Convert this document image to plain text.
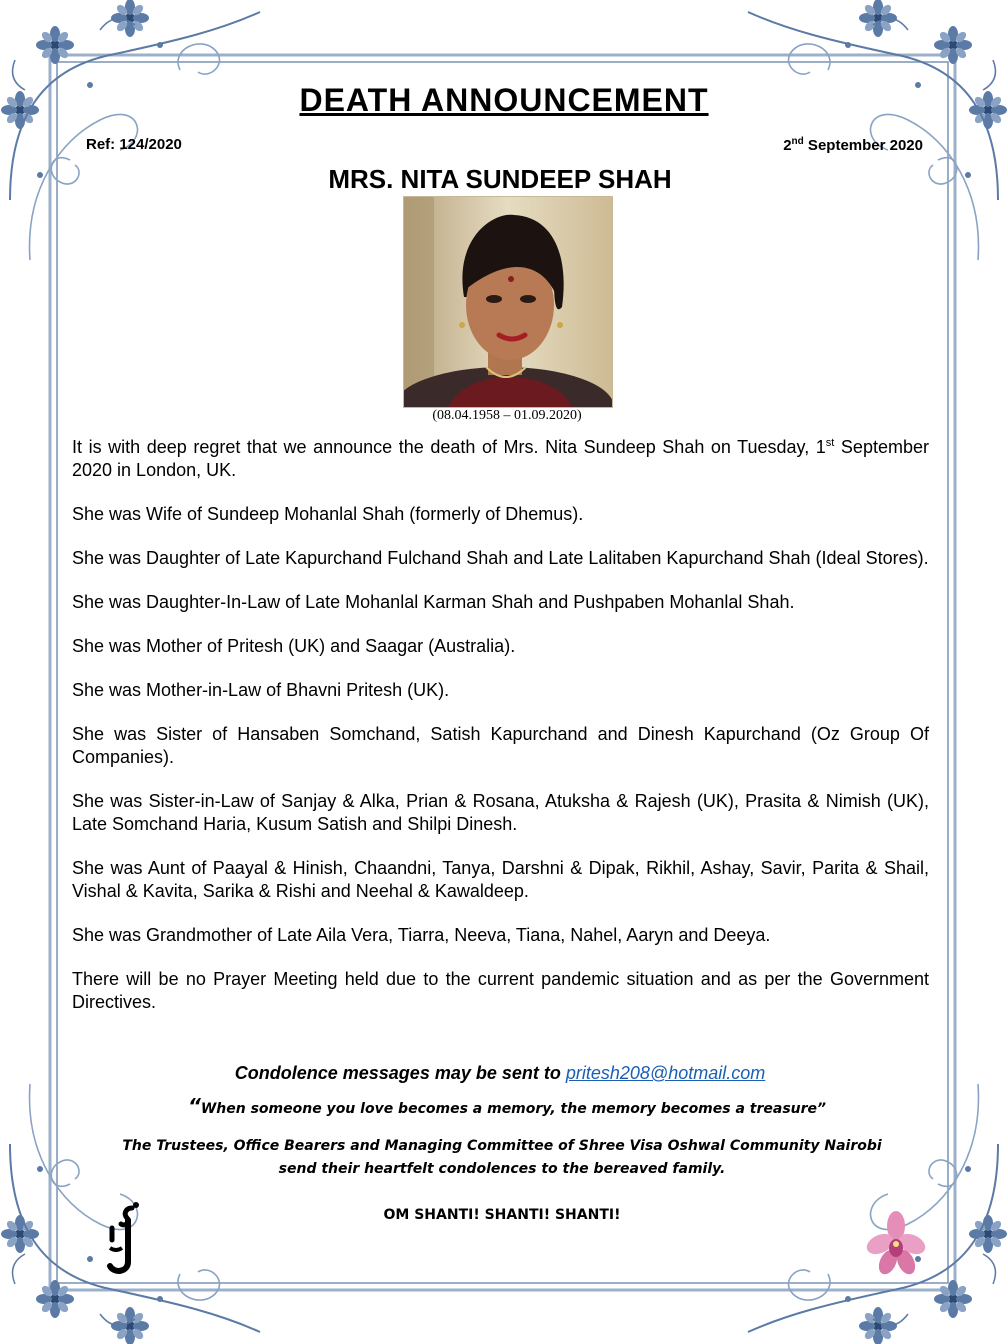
DEATH ANNOUNCEMENT
Ref: 124/2020	2nd September 2020
MRS. NITA SUNDEEP SHAH
(08.04.1958 – 01.09.2020)

It is with deep regret that we announce the death of Mrs. Nita Sundeep Shah on Tuesday, 1st September 2020 in London, UK.

She was Wife of Sundeep Mohanlal Shah (formerly of Dhemus).

She was Daughter of Late Kapurchand Fulchand Shah and Late Lalitaben Kapurchand Shah (Ideal Stores).

She was Daughter-In-Law of Late Mohanlal Karman Shah and Pushpaben Mohanlal Shah.

She was Mother of Pritesh (UK) and Saagar (Australia).

She was Mother-in-Law of Bhavni Pritesh (UK).

She was Sister of Hansaben Somchand, Satish Kapurchand and Dinesh Kapurchand (Oz Group Of Companies).

She was Sister-in-Law of Sanjay & Alka, Prian & Rosana, Atuksha & Rajesh (UK), Prasita & Nimish (UK), Late Somchand Haria, Kusum Satish and Shilpi Dinesh.

She was Aunt of Paayal & Hinish, Chaandni, Tanya, Darshni & Dipak, Rikhil, Ashay, Savir, Parita & Shail, Vishal & Kavita, Sarika & Rishi and Neehal & Kawaldeep.

She was Grandmother of Late Aila Vera, Tiarra, Neeva, Tiana, Nahel, Aaryn and Deeya.

There will be no Prayer Meeting held due to the current pandemic situation and as per the Government Directives.

Condolence messages may be sent to pritesh208@hotmail.com
“When someone you love becomes a memory, the memory becomes a treasure”
The Trustees, Office Bearers and Managing Committee of Shree Visa Oshwal Community Nairobi
send their heartfelt condolences to the bereaved family.
OM SHANTI! SHANTI! SHANTI!
